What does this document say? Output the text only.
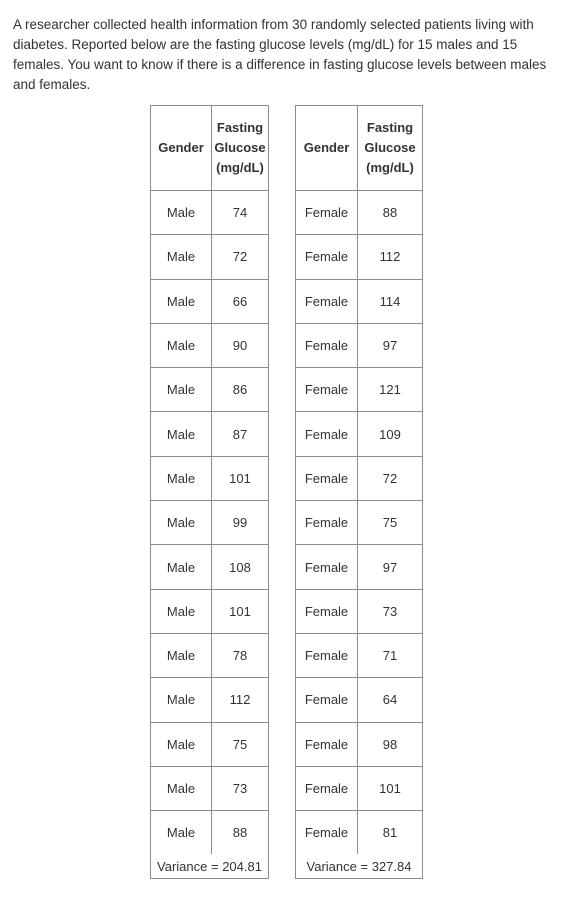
A researcher collected health information from 30 randomly selected patients living with diabetes. Reported below are the fasting glucose levels (mg/dL) for 15 males and 15 females. You want to know if there is a difference in fasting glucose levels between males and females.

Gender	Fasting
Glucose
(mg/dL)
Male	74
Male	72
Male	66
Male	90
Male	86
Male	87
Male	101
Male	99
Male	108
Male	101
Male	78
Male	112
Male	75
Male	73
Male	88
Variance = 204.81	
Gender	Fasting
Glucose
(mg/dL)
Female	88
Female	112
Female	114
Female	97
Female	121
Female	109
Female	72
Female	75
Female	97
Female	73
Female	71
Female	64
Female	98
Female	101
Female	81
Variance = 327.84	
